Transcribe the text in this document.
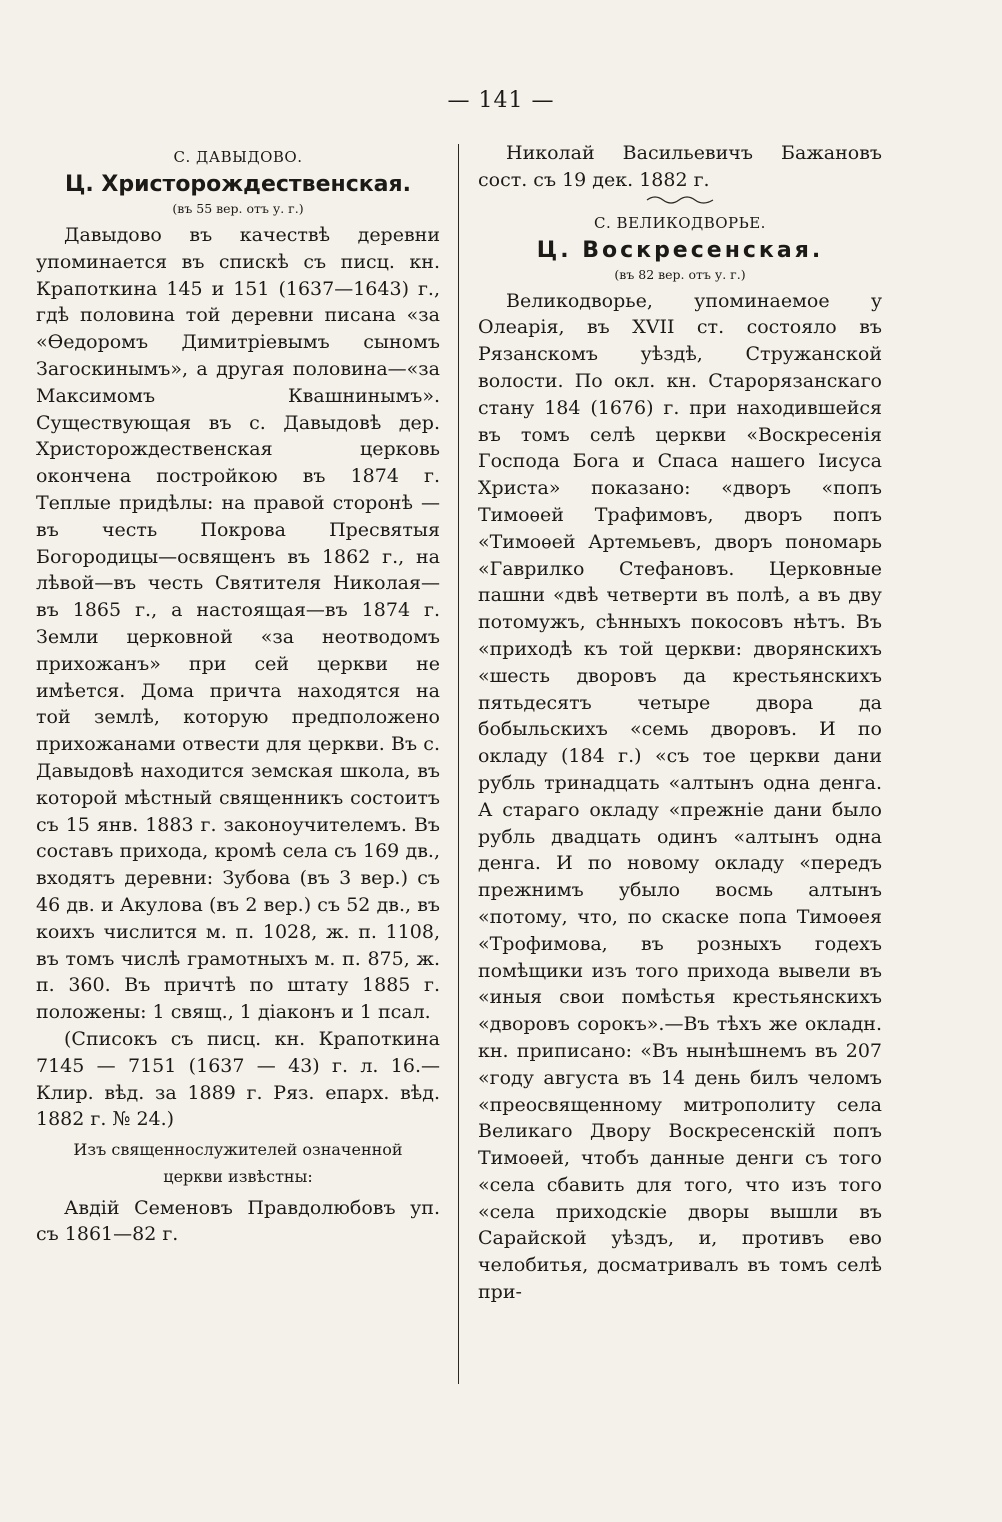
— 141 —
С. ДАВЫДОВО.
Ц. Христорождественская.
(въ 55 вер. отъ у. г.)

Давыдово въ качествѣ деревни упоминается въ спискѣ съ писц. кн. Крапоткина 145 и 151 (1637—1643) г., гдѣ половина той деревни писана «за «Ѳедоромъ Димитріевымъ сыномъ Загоскинымъ», а другая половина—«за Максимомъ Квашнинымъ». Существующая въ с. Давыдовѣ дер. Христорождественская церковь окончена постройкою въ 1874 г. Теплые придѣлы: на правой сторонѣ — въ честь Покрова Пресвятыя Богородицы—освященъ въ 1862 г., на лѣвой—въ честь Святителя Николая—въ 1865 г., а настоящая—въ 1874 г. Земли церковной «за неотводомъ прихожанъ» при сей церкви не имѣется. Дома причта находятся на той землѣ, которую предположено прихожанами отвести для церкви. Въ с. Давыдовѣ находится земская школа, въ которой мѣстный священникъ состоитъ съ 15 янв. 1883 г. законоучителемъ. Въ составъ прихода, кромѣ села съ 169 дв., входятъ деревни: Зубова (въ 3 вер.) съ 46 дв. и Акулова (въ 2 вер.) съ 52 дв., въ коихъ числится м. п. 1028, ж. п. 1108, въ томъ числѣ грамотныхъ м. п. 875, ж. п. 360. Въ причтѣ по штату 1885 г. положены: 1 свящ., 1 діаконъ и 1 псал.

(Списокъ съ писц. кн. Крапоткина 7145 — 7151 (1637 — 43) г. л. 16.—Клир. вѣд. за 1889 г. Ряз. епарх. вѣд. 1882 г. № 24.)

Изъ священнослужителей означенной

церкви извѣстны:

Авдій Семеновъ Правдолюбовъ уп. съ 1861—82 г.

Николай Васильевичъ Бажановъ сост. съ 19 дек. 1882 г.

С. ВЕЛИКОДВОРЬЕ.
Ц. Воскресенская.
(въ 82 вер. отъ у. г.)

Великодворье, упоминаемое у Олеарія, въ XVII ст. состояло въ Рязанскомъ уѣздѣ, Стружанской волости. По окл. кн. Старорязанскаго стану 184 (1676) г. при находившейся въ томъ селѣ церкви «Воскресенія Господа Бога и Спаса нашего Іисуса Христа» показано: «дворъ «попъ Тимоѳей Трафимовъ, дворъ попъ «Тимоѳей Артемьевъ, дворъ пономарь «Гаврилко Стефановъ. Церковные пашни «двѣ четверти въ полѣ, а въ дву потомужъ, сѣнныхъ покосовъ нѣтъ. Въ «приходѣ къ той церкви: дворянскихъ «шесть дворовъ да крестьянскихъ пятьдесятъ четыре двора да бобыльскихъ «семь дворовъ. И по окладу (184 г.) «съ тое церкви дани рубль тринадцать «алтынъ одна денга. А стараго окладу «прежніе дани было рубль двадцать одинъ «алтынъ одна денга. И по новому окладу «передъ прежнимъ убыло восмь алтынъ «потому, что, по скаске попа Тимоѳея «Трофимова, въ розныхъ годехъ помѣщики изъ того прихода вывели въ «иныя свои помѣстья крестьянскихъ «дворовъ сорокъ».—Въ тѣхъ же окладн. кн. приписано: «Въ нынѣшнемъ въ 207 «году августа въ 14 день билъ челомъ «преосвященному митрополиту села Великаго Двору Воскресенскій попъ Тимоѳей, чтобъ данные денги съ того «села сбавить для того, что изъ того «села приходскіе дворы вышли въ Сарайской уѣздъ, и, противъ ево челобитья, досматривалъ въ томъ селѣ при-
